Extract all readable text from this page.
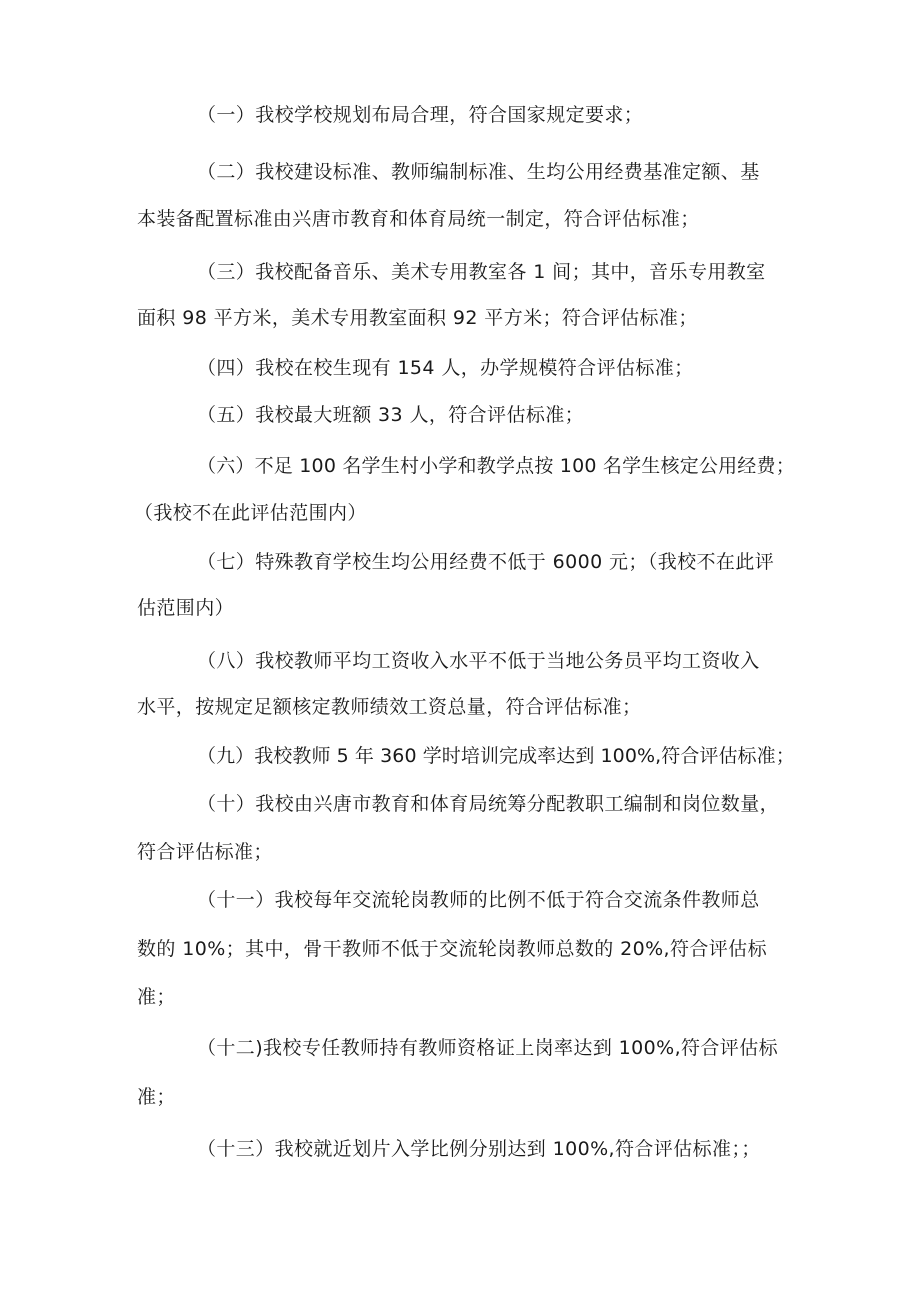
（一）我校学校规划布局合理，符合国家规定要求；
（二）我校建设标准、教师编制标准、生均公用经费基准定额、基
本装备配置标准由兴唐市教育和体育局统一制定，符合评估标准；
（三）我校配备音乐、美术专用教室各 1 间；其中，音乐专用教室
面积 98 平方米，美术专用教室面积 92 平方米；符合评估标准；
（四）我校在校生现有 154 人，办学规模符合评估标准；
（五）我校最大班额 33 人，符合评估标准；
（六）不足 100 名学生村小学和教学点按 100 名学生核定公用经费；
（我校不在此评估范围内）
（七）特殊教育学校生均公用经费不低于 6000 元；（我校不在此评
估范围内）
（八）我校教师平均工资收入水平不低于当地公务员平均工资收入
水平，按规定足额核定教师绩效工资总量，符合评估标准；
（九）我校教师 5 年 360 学时培训完成率达到 100%,符合评估标准；
（十）我校由兴唐市教育和体育局统筹分配教职工编制和岗位数量，
符合评估标准；
（十一）我校每年交流轮岗教师的比例不低于符合交流条件教师总
数的 10%；其中，骨干教师不低于交流轮岗教师总数的 20%,符合评估标
准；
（十二)我校专任教师持有教师资格证上岗率达到 100%,符合评估标
准；
（十三）我校就近划片入学比例分别达到 100%,符合评估标准；；
